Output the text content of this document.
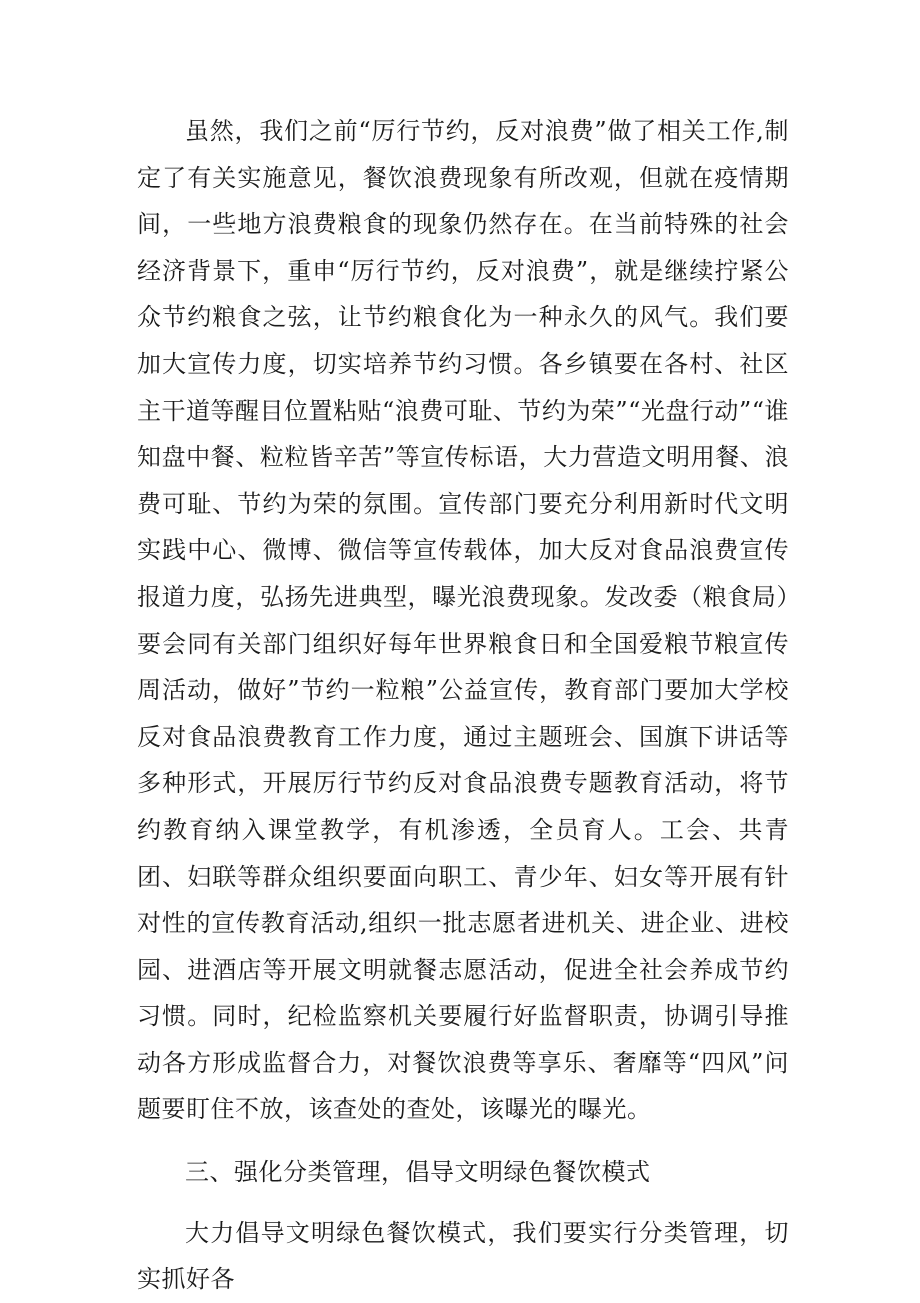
虽然，我们之前“厉行节约，反对浪费”做了相关工作,制定了有关实施意见，餐饮浪费现象有所改观，但就在疫情期间，一些地方浪费粮食的现象仍然存在。在当前特殊的社会经济背景下，重申“厉行节约，反对浪费”，就是继续拧紧公众节约粮食之弦，让节约粮食化为一种永久的风气。我们要加大宣传力度，切实培养节约习惯。各乡镇要在各村、社区主干道等醒目位置粘贴“浪费可耻、节约为荣”“光盘行动”“谁知盘中餐、粒粒皆辛苦”等宣传标语，大力营造文明用餐、浪费可耻、节约为荣的氛围。宣传部门要充分利用新时代文明实践中心、微博、微信等宣传载体，加大反对食品浪费宣传报道力度，弘扬先进典型，曝光浪费现象。发改委（粮食局）要会同有关部门组织好每年世界粮食日和全国爱粮节粮宣传周活动，做好”节约一粒粮”公益宣传，教育部门要加大学校反对食品浪费教育工作力度，通过主题班会、国旗下讲话等多种形式，开展厉行节约反对食品浪费专题教育活动，将节约教育纳入课堂教学，有机渗透，全员育人。工会、共青团、妇联等群众组织要面向职工、青少年、妇女等开展有针对性的宣传教育活动,组织一批志愿者进机关、进企业、进校园、进酒店等开展文明就餐志愿活动，促进全社会养成节约习惯。同时，纪检监察机关要履行好监督职责，协调引导推动各方形成监督合力，对餐饮浪费等享乐、奢靡等“四风”问题要盯住不放，该查处的查处，该曝光的曝光。

三、强化分类管理，倡导文明绿色餐饮模式

大力倡导文明绿色餐饮模式，我们要实行分类管理，切实抓好各
